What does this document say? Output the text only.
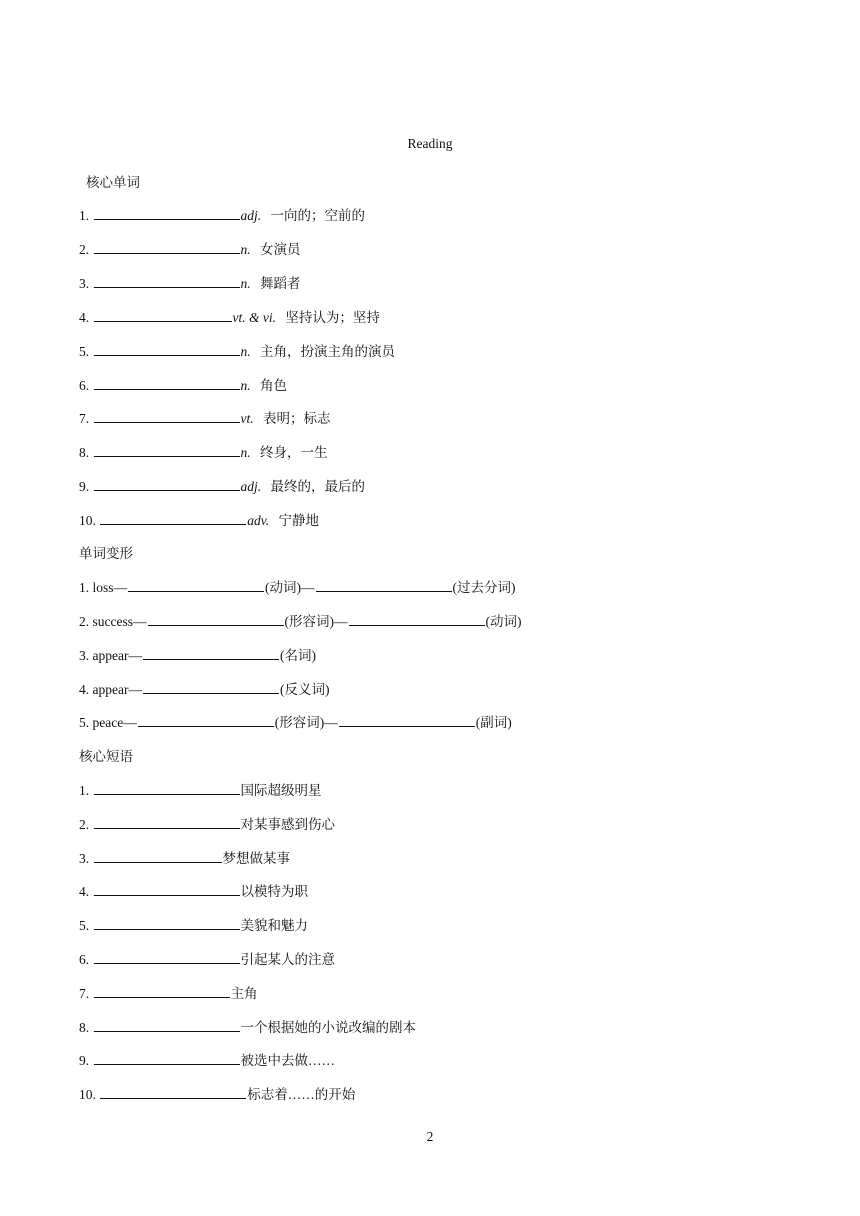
Reading
核心单词
1.	adj. 一向的；空前的
2.	n. 女演员
3.	n. 舞蹈者
4.	vt. & vi. 坚持认为；坚持
5.	n. 主角，扮演主角的演员
6.	n. 角色
7.	vt. 表明；标志
8.	n. 终身，一生
9.	adj. 最终的，最后的
10.	adv. 宁静地
单词变形
1. loss—	(动词)—	(过去分词)
2. success—	(形容词)—	(动词)
3. appear—	(名词)
4. appear—	(反义词)
5. peace—	(形容词)—	(副词)
核心短语
1.	国际超级明星
2.	对某事感到伤心
3.	梦想做某事
4.	以模特为职
5.	美貌和魅力
6.	引起某人的注意
7.	主角
8.	一个根据她的小说改编的剧本
9.	被选中去做……
10.	标志着……的开始
2
